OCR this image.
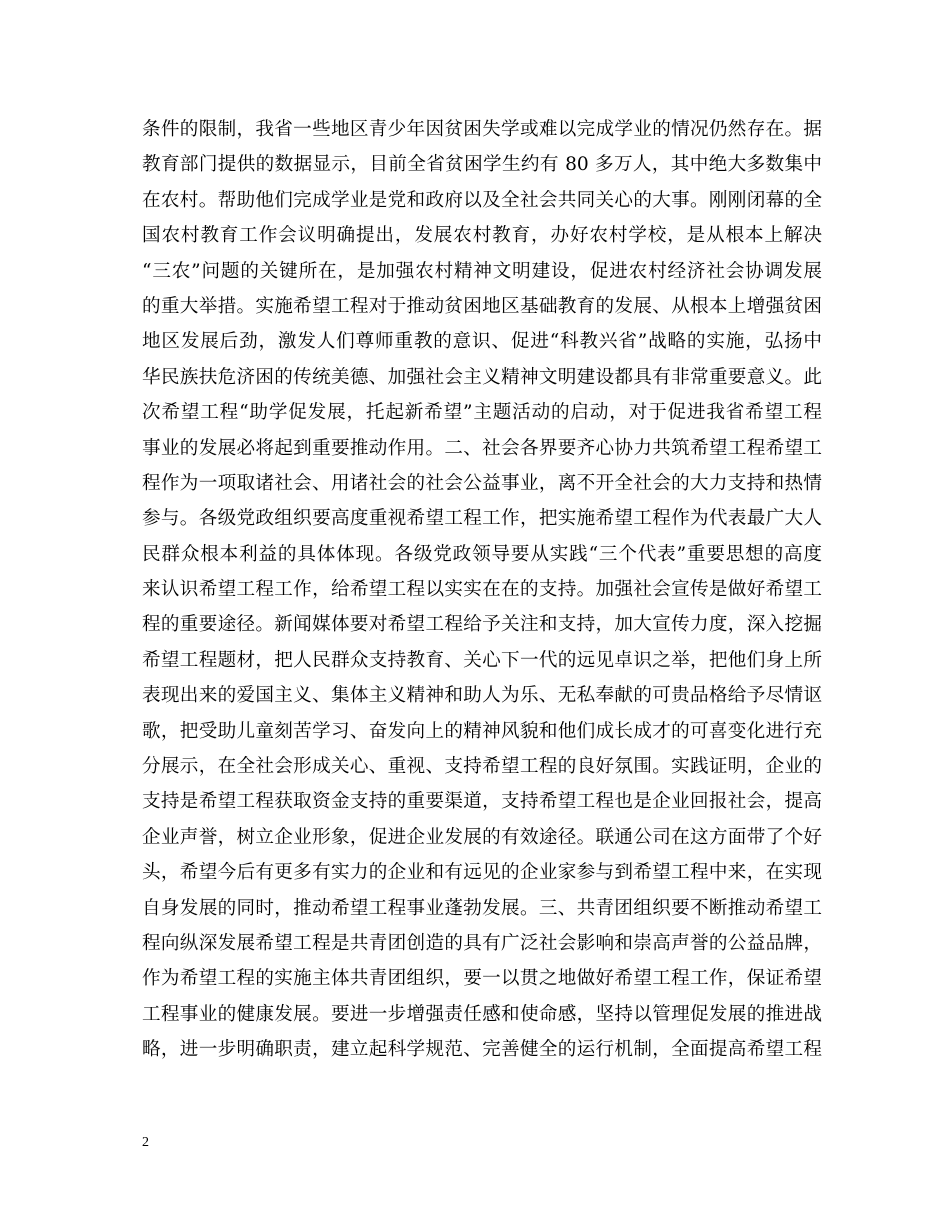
条件的限制，我省一些地区青少年因贫困失学或难以完成学业的情况仍然存在。据
教育部门提供的数据显示，目前全省贫困学生约有 80 多万人，其中绝大多数集中
在农村。帮助他们完成学业是党和政府以及全社会共同关心的大事。刚刚闭幕的全
国农村教育工作会议明确提出，发展农村教育，办好农村学校，是从根本上解决
“三农”问题的关键所在，是加强农村精神文明建设，促进农村经济社会协调发展
的重大举措。实施希望工程对于推动贫困地区基础教育的发展、从根本上增强贫困
地区发展后劲，激发人们尊师重教的意识、促进“科教兴省”战略的实施，弘扬中
华民族扶危济困的传统美德、加强社会主义精神文明建设都具有非常重要意义。此
次希望工程“助学促发展，托起新希望”主题活动的启动，对于促进我省希望工程
事业的发展必将起到重要推动作用。二、社会各界要齐心协力共筑希望工程希望工
程作为一项取诸社会、用诸社会的社会公益事业，离不开全社会的大力支持和热情
参与。各级党政组织要高度重视希望工程工作，把实施希望工程作为代表最广大人
民群众根本利益的具体体现。各级党政领导要从实践“三个代表”重要思想的高度
来认识希望工程工作，给希望工程以实实在在的支持。加强社会宣传是做好希望工
程的重要途径。新闻媒体要对希望工程给予关注和支持，加大宣传力度，深入挖掘
希望工程题材，把人民群众支持教育、关心下一代的远见卓识之举，把他们身上所
表现出来的爱国主义、集体主义精神和助人为乐、无私奉献的可贵品格给予尽情讴
歌，把受助儿童刻苦学习、奋发向上的精神风貌和他们成长成才的可喜变化进行充
分展示，在全社会形成关心、重视、支持希望工程的良好氛围。实践证明，企业的
支持是希望工程获取资金支持的重要渠道，支持希望工程也是企业回报社会，提高
企业声誉，树立企业形象，促进企业发展的有效途径。联通公司在这方面带了个好
头，希望今后有更多有实力的企业和有远见的企业家参与到希望工程中来，在实现
自身发展的同时，推动希望工程事业蓬勃发展。三、共青团组织要不断推动希望工
程向纵深发展希望工程是共青团创造的具有广泛社会影响和崇高声誉的公益品牌，
作为希望工程的实施主体共青团组织，要一以贯之地做好希望工程工作，保证希望
工程事业的健康发展。要进一步增强责任感和使命感，坚持以管理促发展的推进战
略，进一步明确职责，建立起科学规范、完善健全的运行机制，全面提高希望工程
2
